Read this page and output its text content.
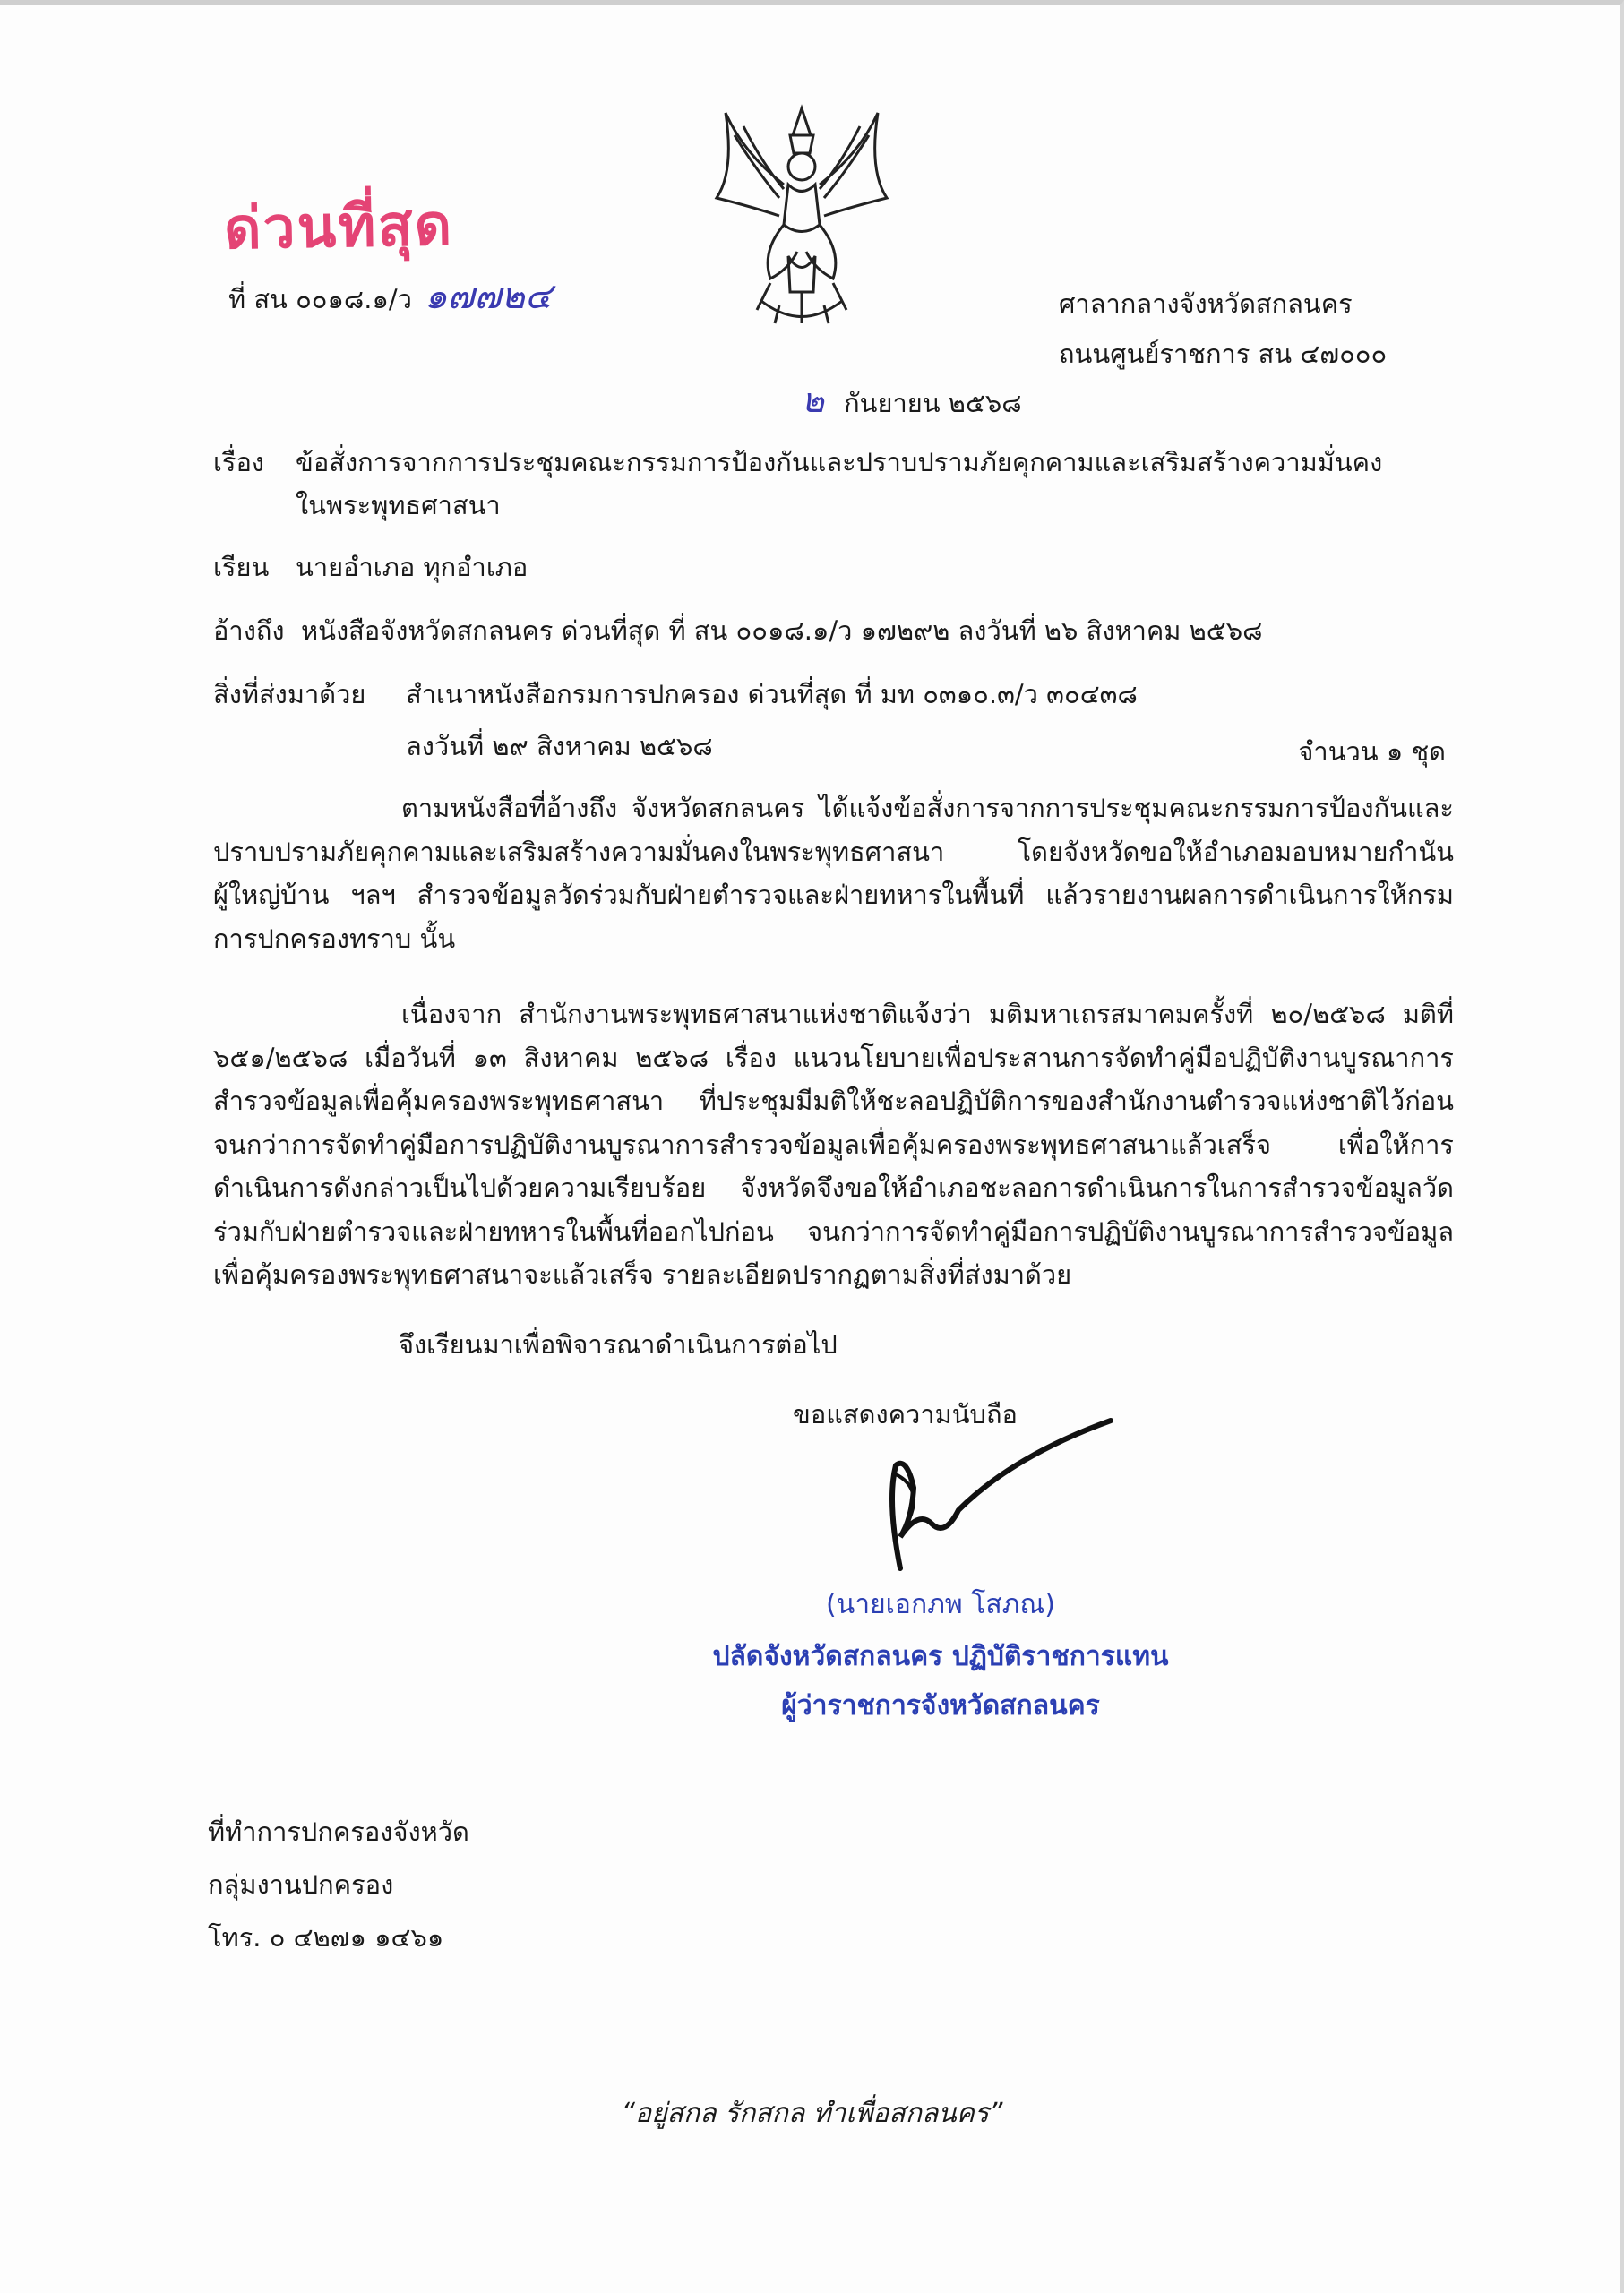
ด่วนที่สุด
ที่ สน ๐๐๑๘.๑/ว ๑๗๗๒๔	ศาลากลางจังหวัดสกลนคร
ถนนศูนย์ราชการ สน ๔๗๐๐๐
๒ กันยายน ๒๕๖๘
เรื่อง ข้อสั่งการจากการประชุมคณะกรรมการป้องกันและปราบปรามภัยคุกคามและเสริมสร้างความมั่นคง
ในพระพุทธศาสนา
เรียน นายอำเภอ ทุกอำเภอ
อ้างถึง หนังสือจังหวัดสกลนคร ด่วนที่สุด ที่ สน ๐๐๑๘.๑/ว ๑๗๒๙๒ ลงวันที่ ๒๖ สิงหาคม ๒๕๖๘
สิ่งที่ส่งมาด้วย สำเนาหนังสือกรมการปกครอง ด่วนที่สุด ที่ มท ๐๓๑๐.๓/ว ๓๐๔๓๘
ลงวันที่ ๒๙ สิงหาคม ๒๕๖๘	จำนวน ๑ ชุด
ตามหนังสือที่อ้างถึง จังหวัดสกลนคร ได้แจ้งข้อสั่งการจากการประชุมคณะกรรมการป้องกันและปราบปรามภัยคุกคามและเสริมสร้างความมั่นคงในพระพุทธศาสนา โดยจังหวัดขอให้อำเภอมอบหมายกำนัน ผู้ใหญ่บ้าน ฯลฯ สำรวจข้อมูลวัดร่วมกับฝ่ายตำรวจและฝ่ายทหารในพื้นที่ แล้วรายงานผลการดำเนินการให้กรมการปกครองทราบ นั้น
เนื่องจาก สำนักงานพระพุทธศาสนาแห่งชาติแจ้งว่า มติมหาเถรสมาคมครั้งที่ ๒๐/๒๕๖๘ มติที่ ๖๕๑/๒๕๖๘ เมื่อวันที่ ๑๓ สิงหาคม ๒๕๖๘ เรื่อง แนวนโยบายเพื่อประสานการจัดทำคู่มือปฏิบัติงานบูรณาการสำรวจข้อมูลเพื่อคุ้มครองพระพุทธศาสนา ที่ประชุมมีมติให้ชะลอปฏิบัติการของสำนักงานตำรวจแห่งชาติไว้ก่อน จนกว่าการจัดทำคู่มือการปฏิบัติงานบูรณาการสำรวจข้อมูลเพื่อคุ้มครองพระพุทธศาสนาแล้วเสร็จ เพื่อให้การดำเนินการดังกล่าวเป็นไปด้วยความเรียบร้อย จังหวัดจึงขอให้อำเภอชะลอการดำเนินการในการสำรวจข้อมูลวัดร่วมกับฝ่ายตำรวจและฝ่ายทหารในพื้นที่ออกไปก่อน จนกว่าการจัดทำคู่มือการปฏิบัติงานบูรณาการสำรวจข้อมูลเพื่อคุ้มครองพระพุทธศาสนาจะแล้วเสร็จ รายละเอียดปรากฏตามสิ่งที่ส่งมาด้วย
จึงเรียนมาเพื่อพิจารณาดำเนินการต่อไป
ขอแสดงความนับถือ
(นายเอกภพ โสภณ)
ปลัดจังหวัดสกลนคร ปฏิบัติราชการแทน
ผู้ว่าราชการจังหวัดสกลนคร
ที่ทำการปกครองจังหวัด
กลุ่มงานปกครอง
โทร. ๐ ๔๒๗๑ ๑๔๖๑
“อยู่สกล รักสกล ทำเพื่อสกลนคร”
